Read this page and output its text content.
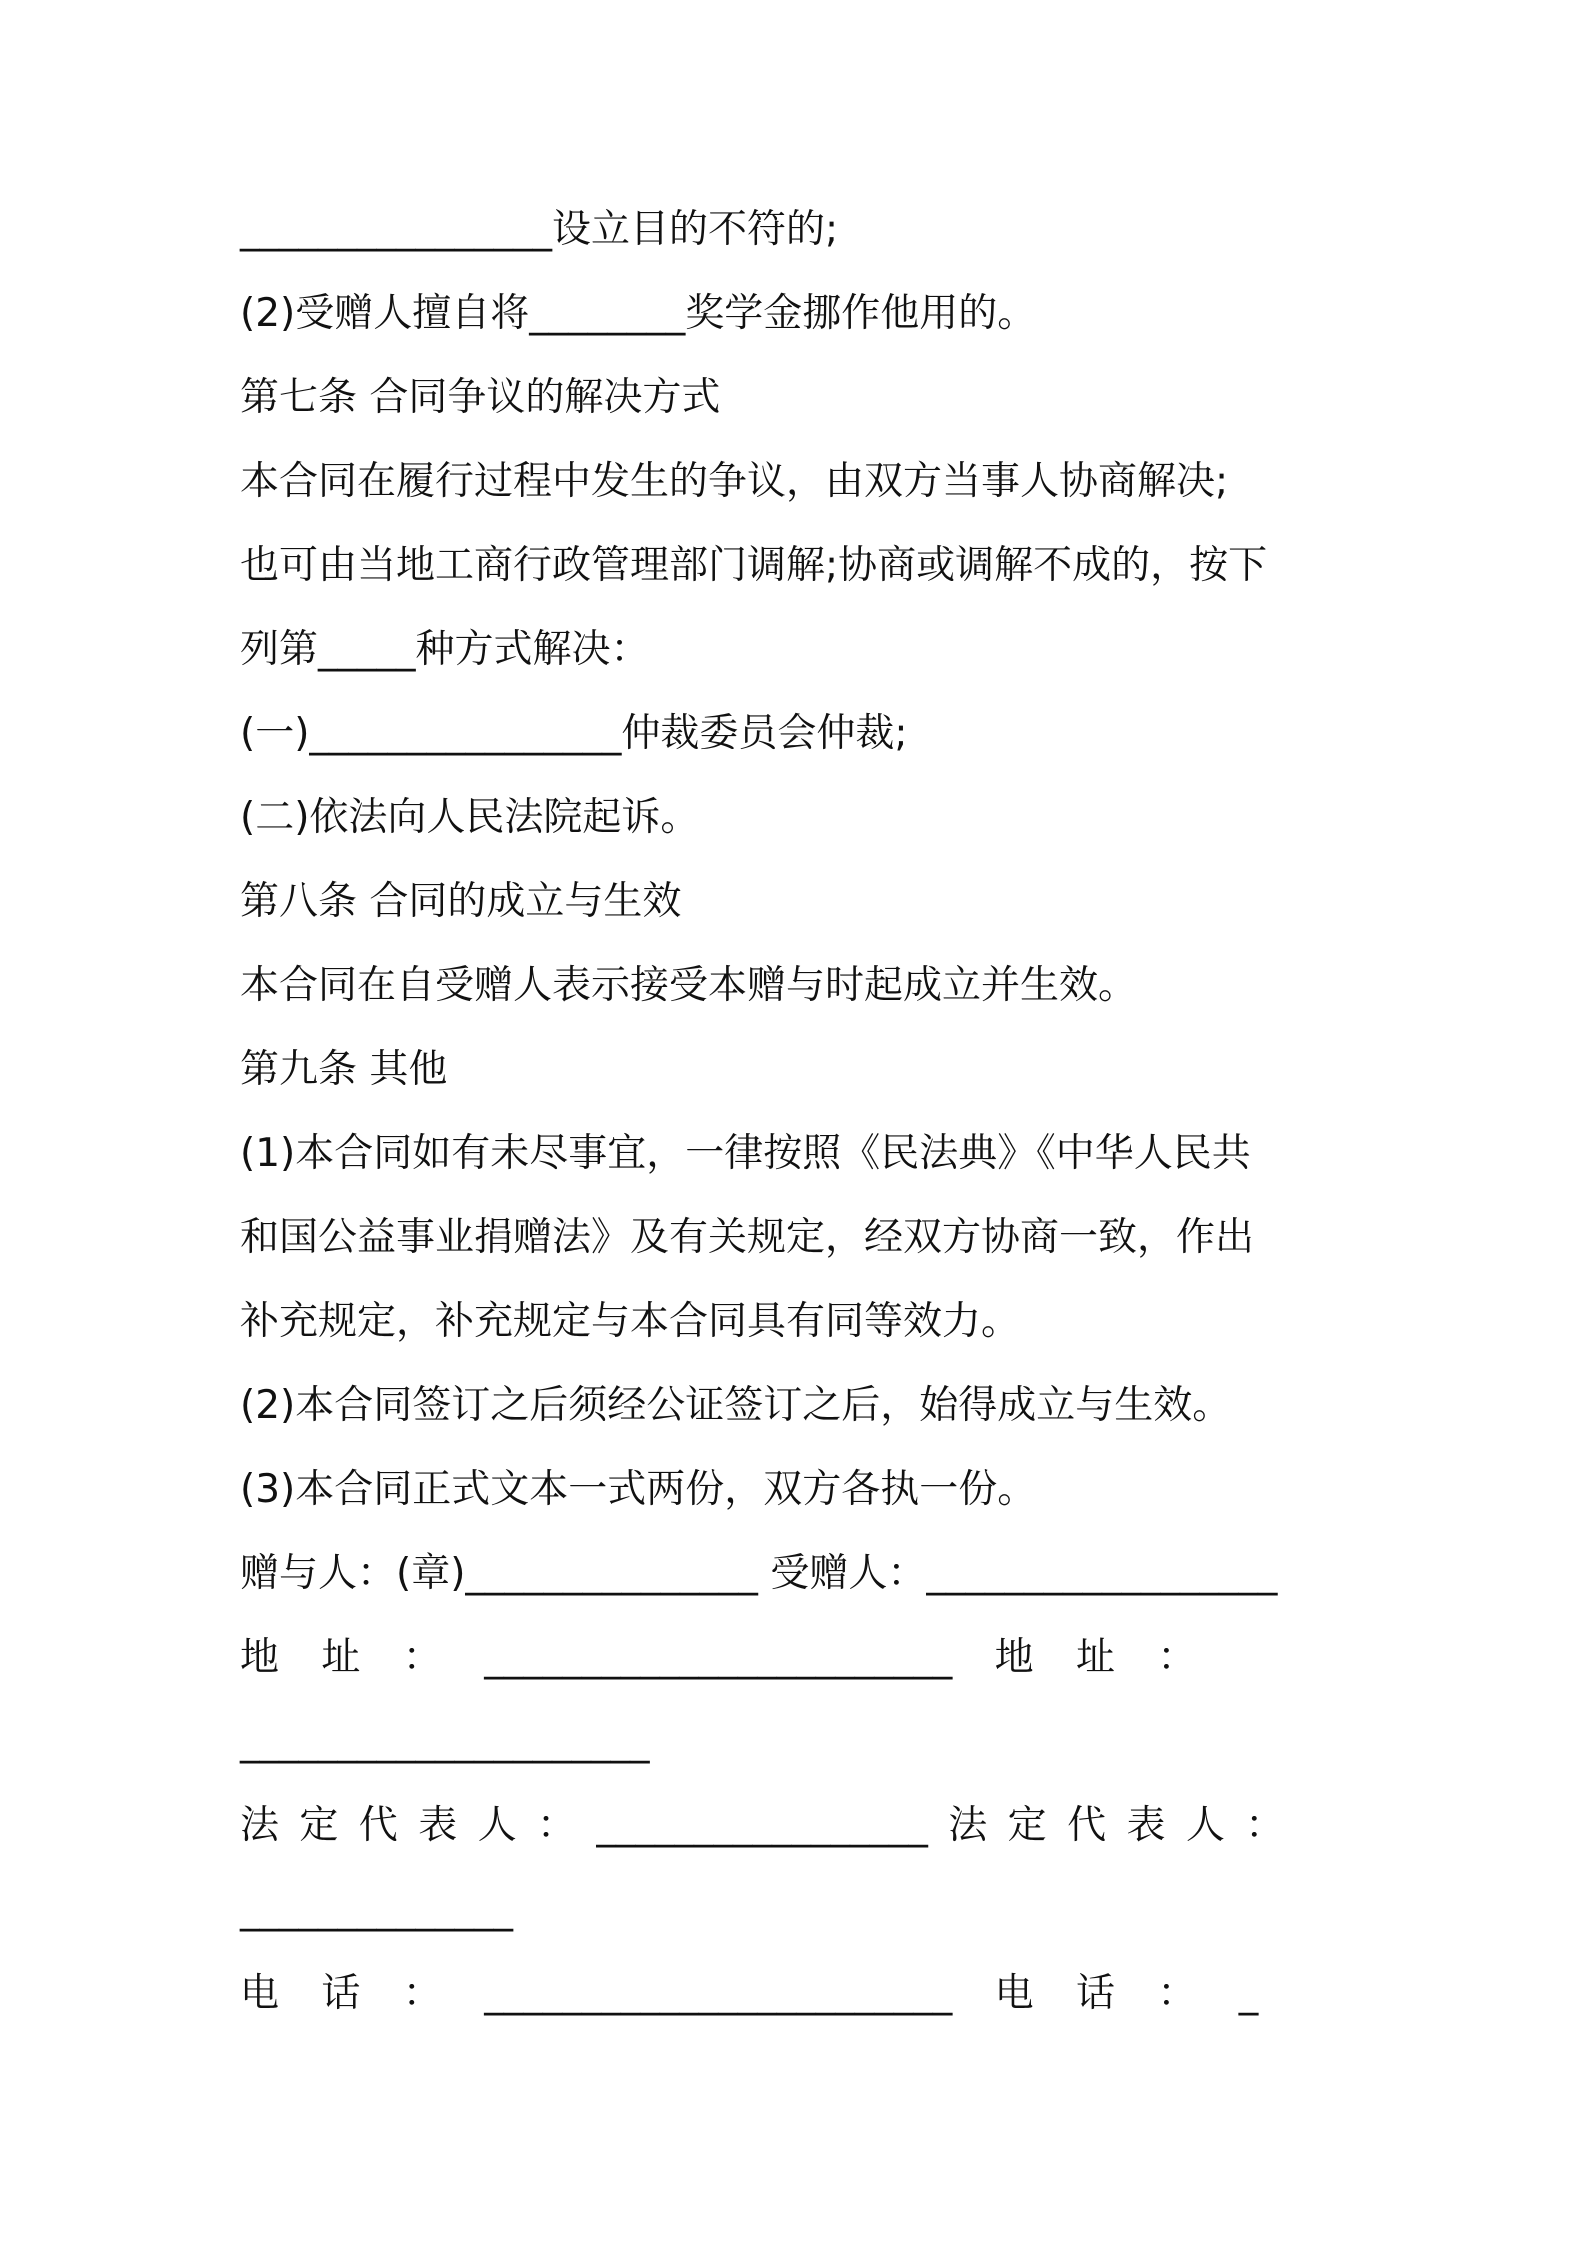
________________设立目的不符的;
(2)受赠人擅自将________奖学金挪作他用的。
第七条 合同争议的解决方式
本合同在履行过程中发生的争议，由双方当事人协商解决;
也可由当地工商行政管理部门调解;协商或调解不成的，按下
列第_____种方式解决：
(一)________________仲裁委员会仲裁;
(二)依法向人民法院起诉。
第八条 合同的成立与生效
本合同在自受赠人表示接受本赠与时起成立并生效。
第九条 其他
(1)本合同如有未尽事宜，一律按照《民法典》《中华人民共
和国公益事业捐赠法》及有关规定，经双方协商一致，作出
补充规定，补充规定与本合同具有同等效力。
(2)本合同签订之后须经公证签订之后，始得成立与生效。
(3)本合同正式文本一式两份，双方各执一份。
赠与人：(章)_______________ 受赠人：__________________
地 址 ： ________________________ 地 址 ：
_____________________
法 定 代 表 人 ： _________________ 法 定 代 表 人 ：
______________
电 话 ： ________________________ 电 话 ： _
